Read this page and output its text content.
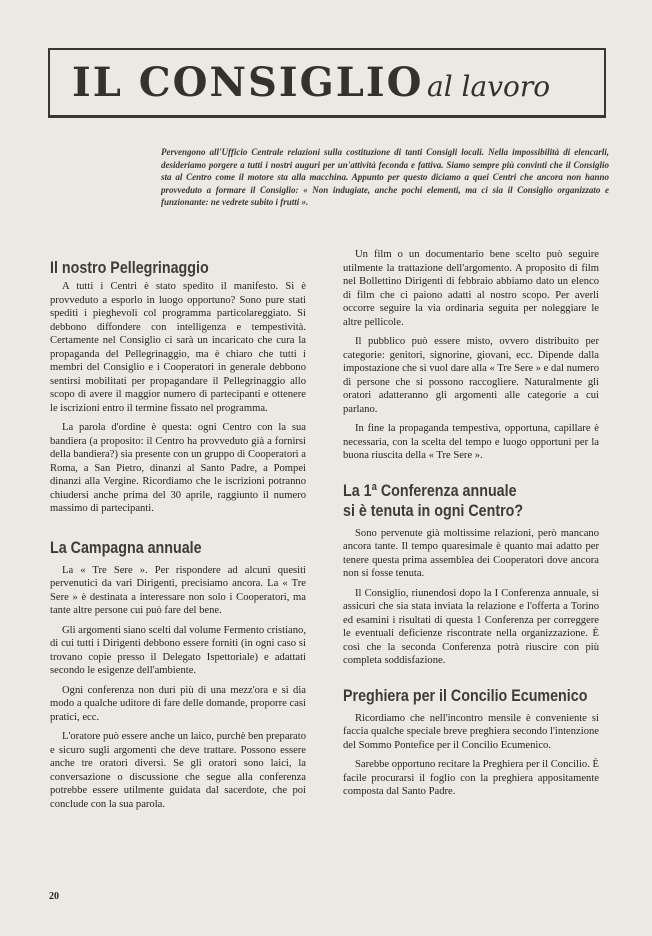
IL CONSIGLIO al lavoro
Pervengono all'Ufficio Centrale relazioni sulla costituzione di tanti Consigli locali. Nella impossibilità di elencarli, desideriamo porgere a tutti i nostri auguri per un'attività feconda e fattiva. Siamo sempre più convinti che il Consiglio sta al Centro come il motore sta alla macchina. Appunto per questo diciamo a quei Centri che ancora non hanno provveduto a formare il Consiglio: « Non indugiate, anche pochi elementi, ma ci sia il Consiglio organizzato e funzionante: ne vedrete subito i frutti ».
Il nostro Pellegrinaggio

A tutti i Centri è stato spedito il manifesto. Si è provveduto a esporlo in luogo opportuno? Sono pure stati spediti i pieghevoli col programma particolareggiato. Si debbono diffondere con intelligenza e tempestività. Certamente nel Consiglio ci sarà un incaricato che cura la propaganda del Pellegrinaggio, ma è chiaro che tutti i membri del Consiglio e i Cooperatori in generale debbono sentirsi mobilitati per propagandare il Pellegrinaggio allo scopo di avere il maggior numero di partecipanti e ottenere le iscrizioni entro il termine fissato nel programma.

La parola d'ordine è questa: ogni Centro con la sua bandiera (a proposito: il Centro ha provveduto già a fornirsi della bandiera?) sia presente con un gruppo di Cooperatori a Roma, a San Pietro, dinanzi al Santo Padre, a Pompei dinanzi alla Vergine. Ricordiamo che le iscrizioni potranno chiudersi anche prima del 30 aprile, raggiunto il numero massimo di partecipanti.

La Campagna annuale

La « Tre Sere ». Per rispondere ad alcuni quesiti pervenutici da vari Dirigenti, precisiamo ancora. La « Tre Sere » è destinata a interessare non solo i Cooperatori, ma tante altre persone cui può fare del bene.

Gli argomenti siano scelti dal volume Fermento cristiano, di cui tutti i Dirigenti debbono essere forniti (in ogni caso si trovano copie presso il Delegato Ispettoriale) e adattati secondo le esigenze dell'ambiente.

Ogni conferenza non duri più di una mezz'ora e si dia modo a qualche uditore di fare delle domande, proporre casi pratici, ecc.

L'oratore può essere anche un laico, purchè ben preparato e sicuro sugli argomenti che deve trattare. Possono essere anche tre oratori diversi. Se gli oratori sono laici, la conversazione o discussione che segue alla conferenza potrebbe essere utilmente guidata dal sacerdote, che poi conclude con la sua parola.

Un film o un documentario bene scelto può seguire utilmente la trattazione dell'argomento. A proposito di film nel Bollettino Dirigenti di febbraio abbiamo dato un elenco di film che ci paiono adatti al nostro scopo. Per averli occorre seguire la via ordinaria seguita per noleggiare le altre pellicole.

Il pubblico può essere misto, ovvero distribuito per categorie: genitori, signorine, giovani, ecc. Dipende dalla impostazione che si vuol dare alla « Tre Sere » e dal numero di persone che si possono raccogliere. Naturalmente gli oratori adatteranno gli argomenti alle categorie a cui parlano.

In fine la propaganda tempestiva, opportuna, capillare è necessaria, con la scelta del tempo e luogo opportuni per la buona riuscita della « Tre Sere ».

La 1ª Conferenza annuale
si è tenuta in ogni Centro?

Sono pervenute già moltissime relazioni, però mancano ancora tante. Il tempo quaresimale è quanto mai adatto per tenere questa prima assemblea dei Cooperatori dove ancora non si fosse tenuta.

Il Consiglio, riunendosi dopo la I Conferenza annuale, si assicuri che sia stata inviata la relazione e l'offerta a Torino ed esamini i risultati di questa 1 Conferenza per correggere le eventuali deficienze riscontrate nella organizzazione. È così che la seconda Conferenza potrà riuscire con più completa soddisfazione.

Preghiera per il Concilio Ecumenico

Ricordiamo che nell'incontro mensile è conveniente si faccia qualche speciale breve preghiera secondo l'intenzione del Sommo Pontefice per il Concilio Ecumenico.

Sarebbe opportuno recitare la Preghiera per il Concilio. È facile procurarsi il foglio con la preghiera appositamente composta dal Santo Padre.

20
